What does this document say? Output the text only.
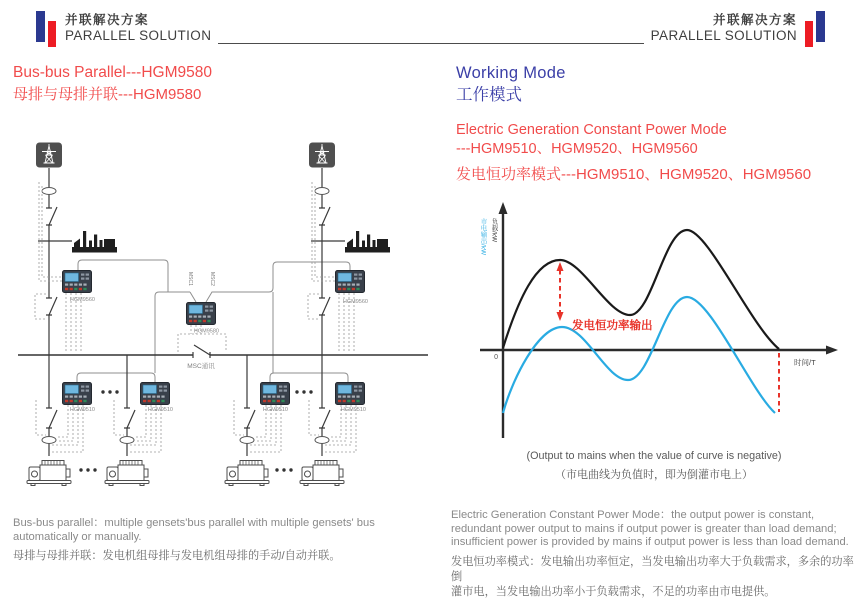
并联解决方案
PARALLEL SOLUTION
并联解决方案
PARALLEL SOLUTION
Bus-bus Parallel---HGM9580
母排与母排并联---HGM9580
Working Mode
工作模式
Electric Generation Constant Power Mode
---HGM9510、HGM9520、HGM9560
发电恒功率模式---HGM9510、HGM9520、HGM9560
MSC1	MSC2
HGM9560	HGM9560
HGM9580
MSC通讯
HGM9510	HGM9510	HGM9510	HGM9510
0
时间/T
负载/kW
市电输出/kW
发电恒功率输出
(Output to mains when the value of curve is negative)
（市电曲线为负值时，即为倒灌市电上）
Bus-bus parallel：multiple gensets'bus parallel with multiple gensets' bus
automatically or manually.
母排与母排并联：发电机组母排与发电机组母排的手动/自动并联。
Electric Generation Constant Power Mode：the output power is constant,
redundant power output to mains if output power is greater than load demand;
insufficient power is provided by mains if output power is less than load demand.
发电恒功率模式：发电输出功率恒定，当发电输出功率大于负载需求，多余的功率倒
灌市电，当发电输出功率小于负载需求，不足的功率由市电提供。
